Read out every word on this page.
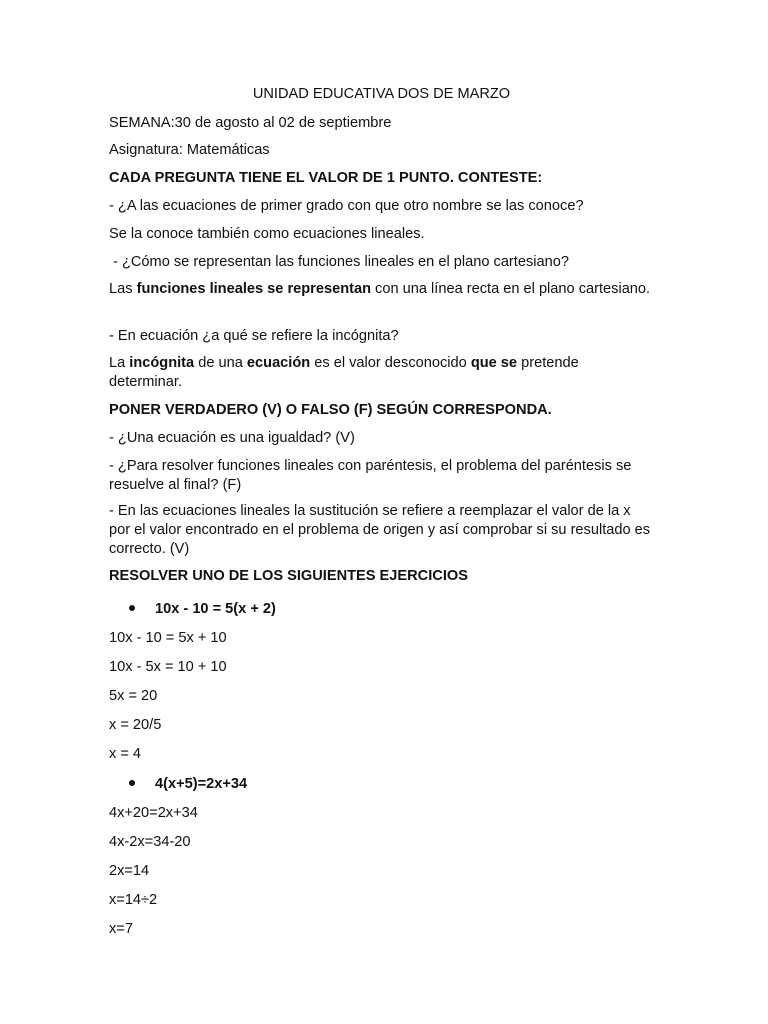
UNIDAD EDUCATIVA DOS DE MARZO

SEMANA:30 de agosto al 02 de septiembre

Asignatura: Matemáticas

CADA PREGUNTA TIENE EL VALOR DE 1 PUNTO. CONTESTE:

- ¿A las ecuaciones de primer grado con que otro nombre se las conoce?

Se la conoce también como ecuaciones lineales.

- ¿Cómo se representan las funciones lineales en el plano cartesiano?

Las funciones lineales se representan con una línea recta en el plano cartesiano.

- En ecuación ¿a qué se refiere la incógnita?

La incógnita de una ecuación es el valor desconocido que se pretende determinar.

PONER VERDADERO (V) O FALSO (F) SEGÚN CORRESPONDA.

- ¿Una ecuación es una igualdad? (V)

- ¿Para resolver funciones lineales con paréntesis, el problema del paréntesis se resuelve al final? (F)

- En las ecuaciones lineales la sustitución se refiere a reemplazar el valor de la x por el valor encontrado en el problema de origen y así comprobar si su resultado es correcto. (V)

RESOLVER UNO DE LOS SIGUIENTES EJERCICIOS

10x - 10 = 5(x + 2)

10x - 10 = 5x + 10

10x - 5x = 10 + 10

5x = 20

x = 20/5

x = 4

4(x+5)=2x+34

4x+20=2x+34

4x-2x=34-20

2x=14

x=14÷2

x=7
